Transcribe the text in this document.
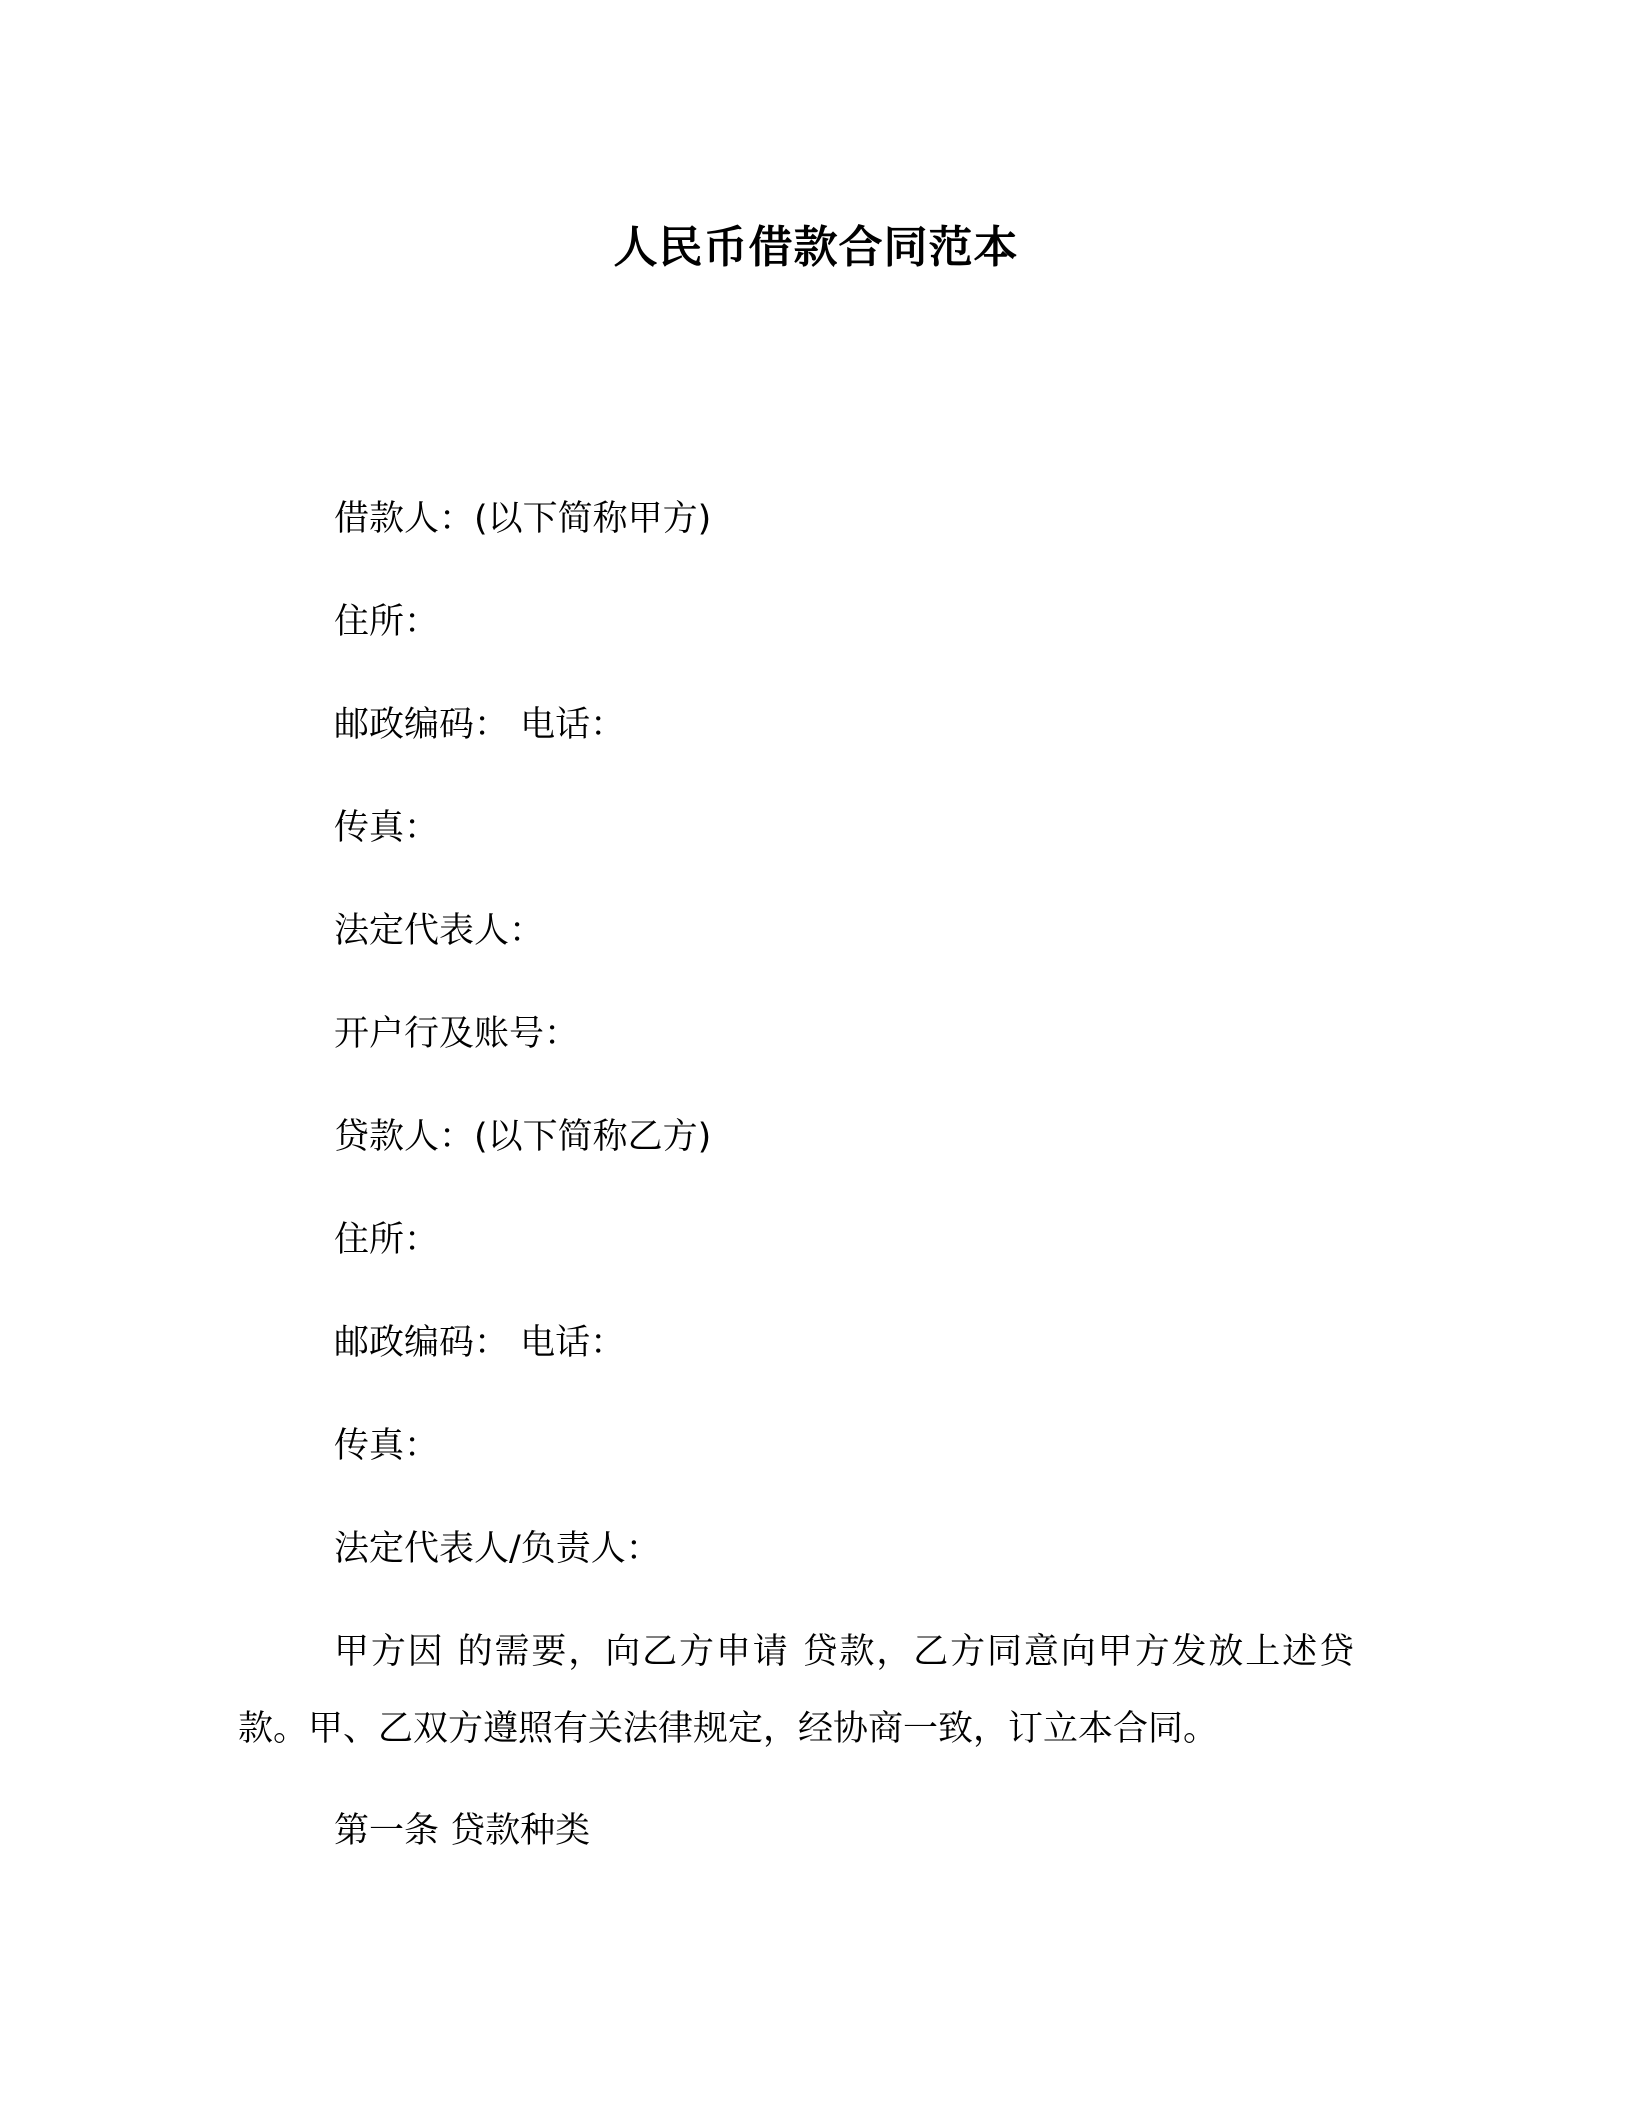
人民币借款合同范本

借款人：(以下简称甲方)

住所：

邮政编码： 电话：

传真：

法定代表人：

开户行及账号：

贷款人：(以下简称乙方)

住所：

邮政编码： 电话：

传真：

法定代表人/负责人：

甲方因 的需要，向乙方申请 贷款，乙方同意向甲方发放上述贷款。甲、乙双方遵照有关法律规定，经协商一致，订立本合同。

第一条 贷款种类
